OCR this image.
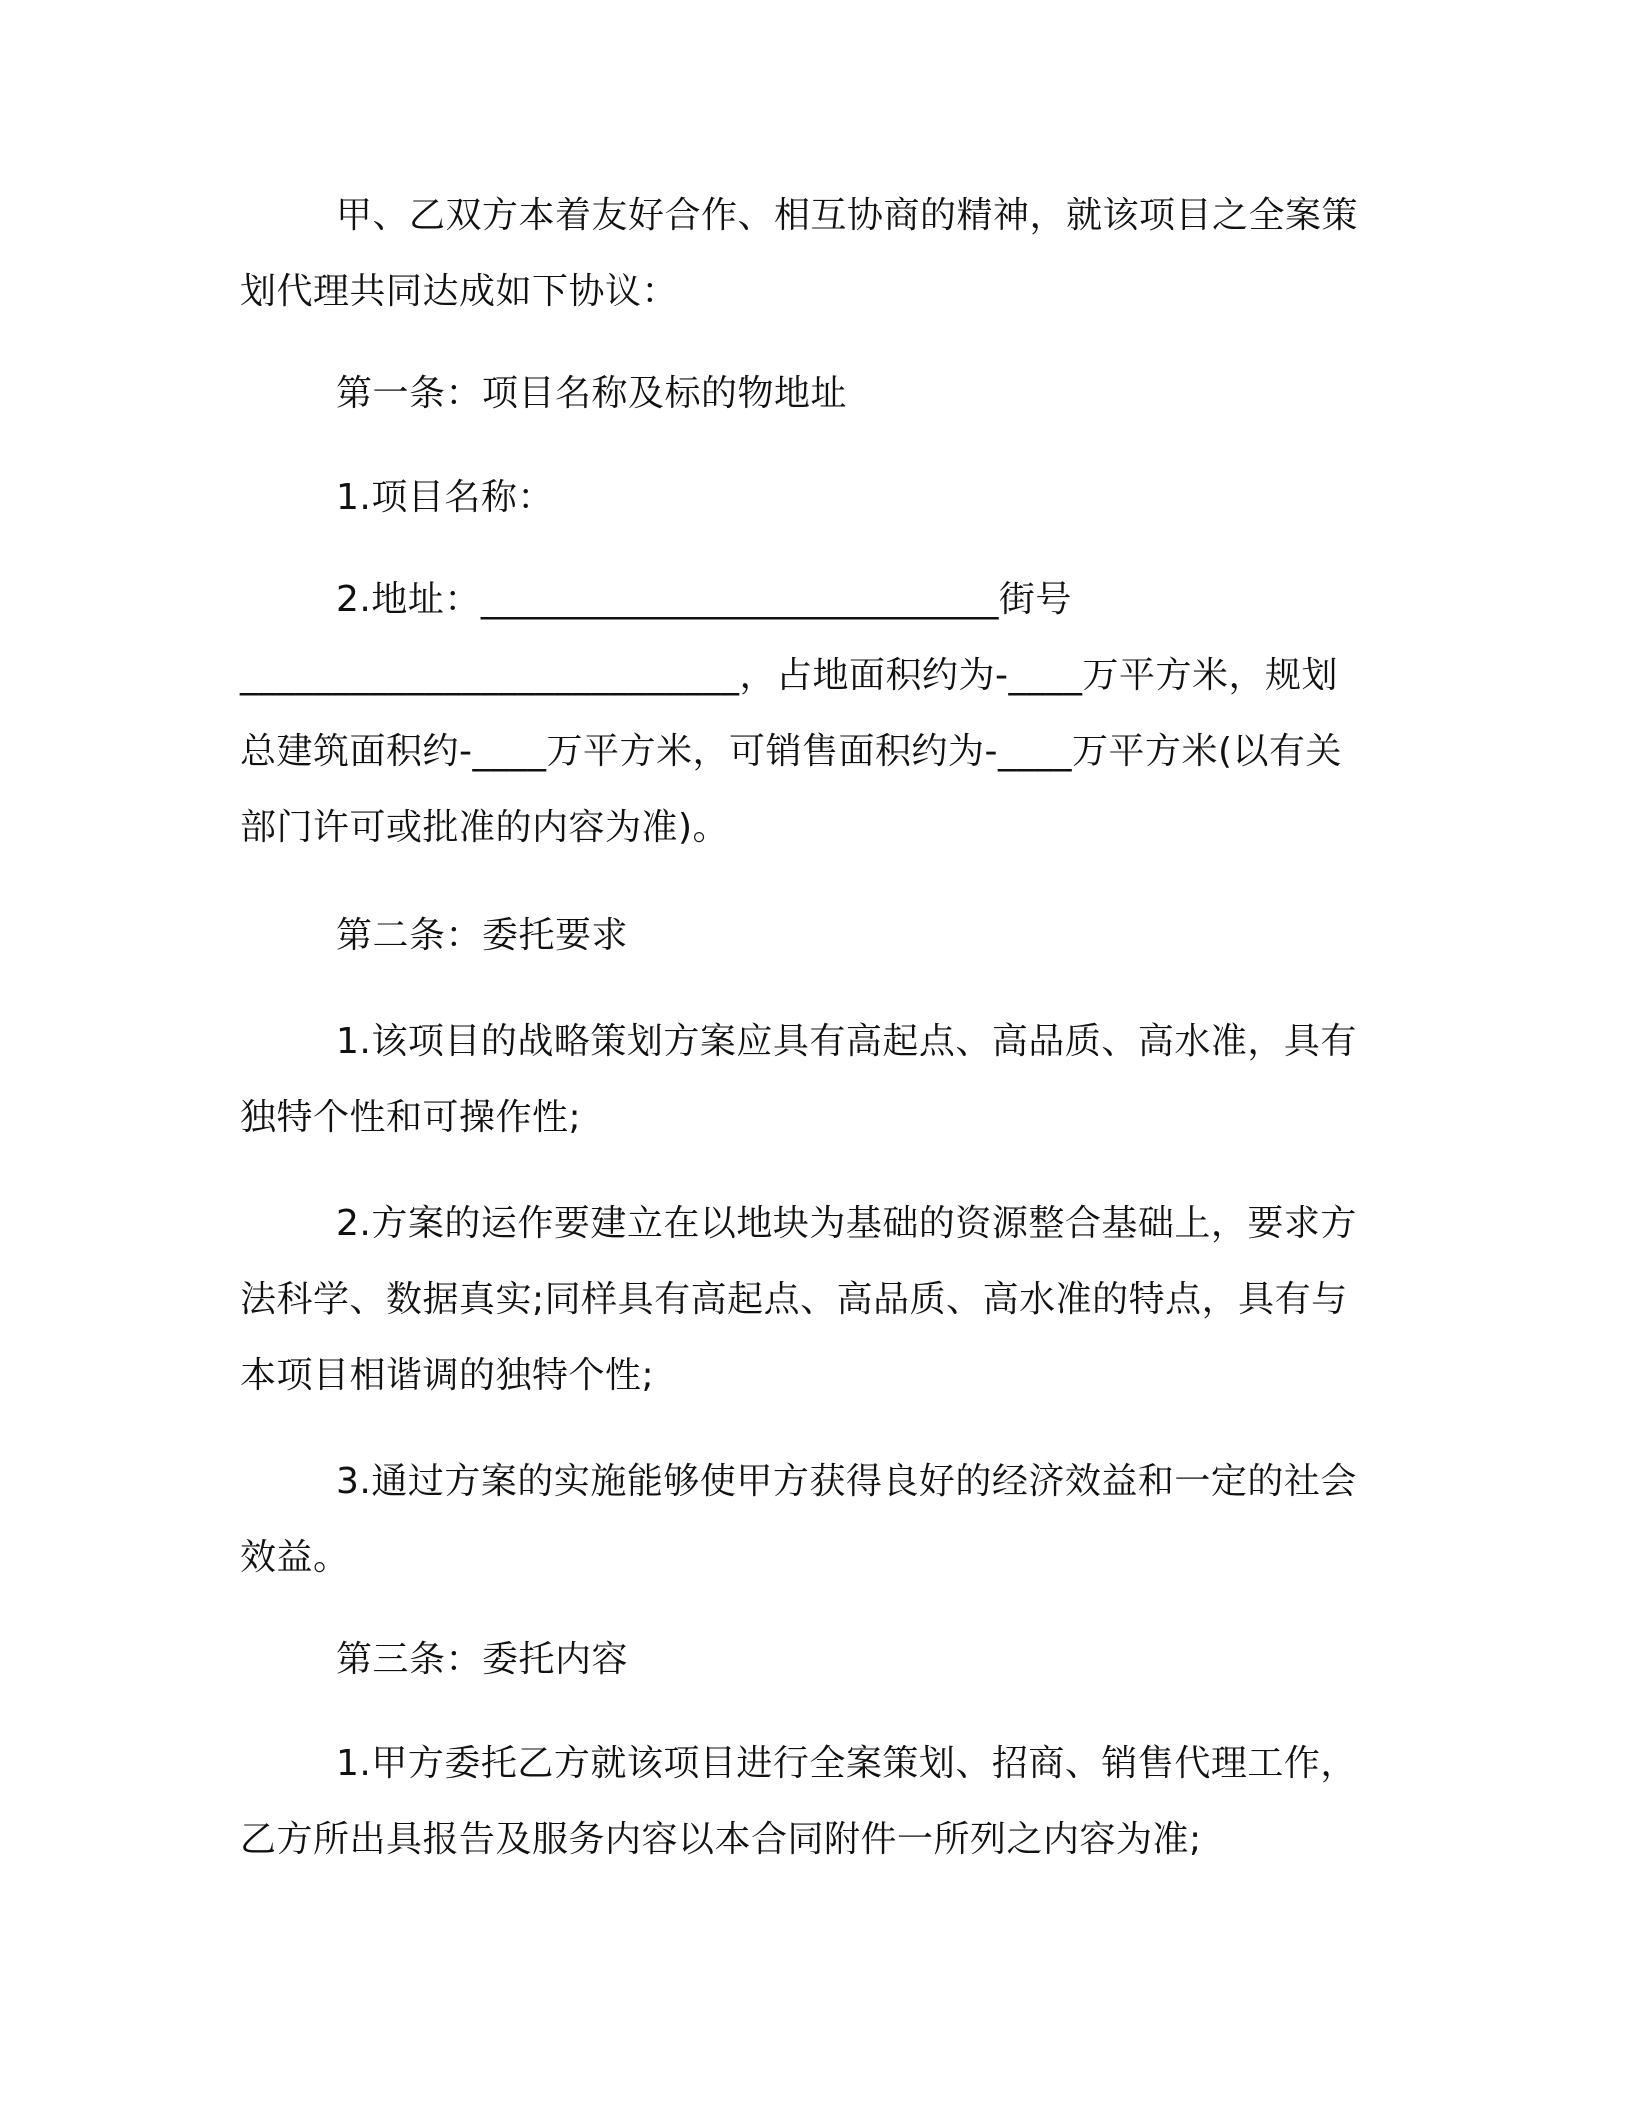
甲、乙双方本着友好合作、相互协商的精神，就该项目之全案策
划代理共同达成如下协议：
第一条：项目名称及标的物地址
1.项目名称：
2.地址：____________________________街号
___________________________，占地面积约为-____万平方米，规划
总建筑面积约-____万平方米，可销售面积约为-____万平方米(以有关
部门许可或批准的内容为准)。
第二条：委托要求
1.该项目的战略策划方案应具有高起点、高品质、高水准，具有
独特个性和可操作性;
2.方案的运作要建立在以地块为基础的资源整合基础上，要求方
法科学、数据真实;同样具有高起点、高品质、高水准的特点，具有与
本项目相谐调的独特个性;
3.通过方案的实施能够使甲方获得良好的经济效益和一定的社会
效益。
第三条：委托内容
1.甲方委托乙方就该项目进行全案策划、招商、销售代理工作，
乙方所出具报告及服务内容以本合同附件一所列之内容为准;
